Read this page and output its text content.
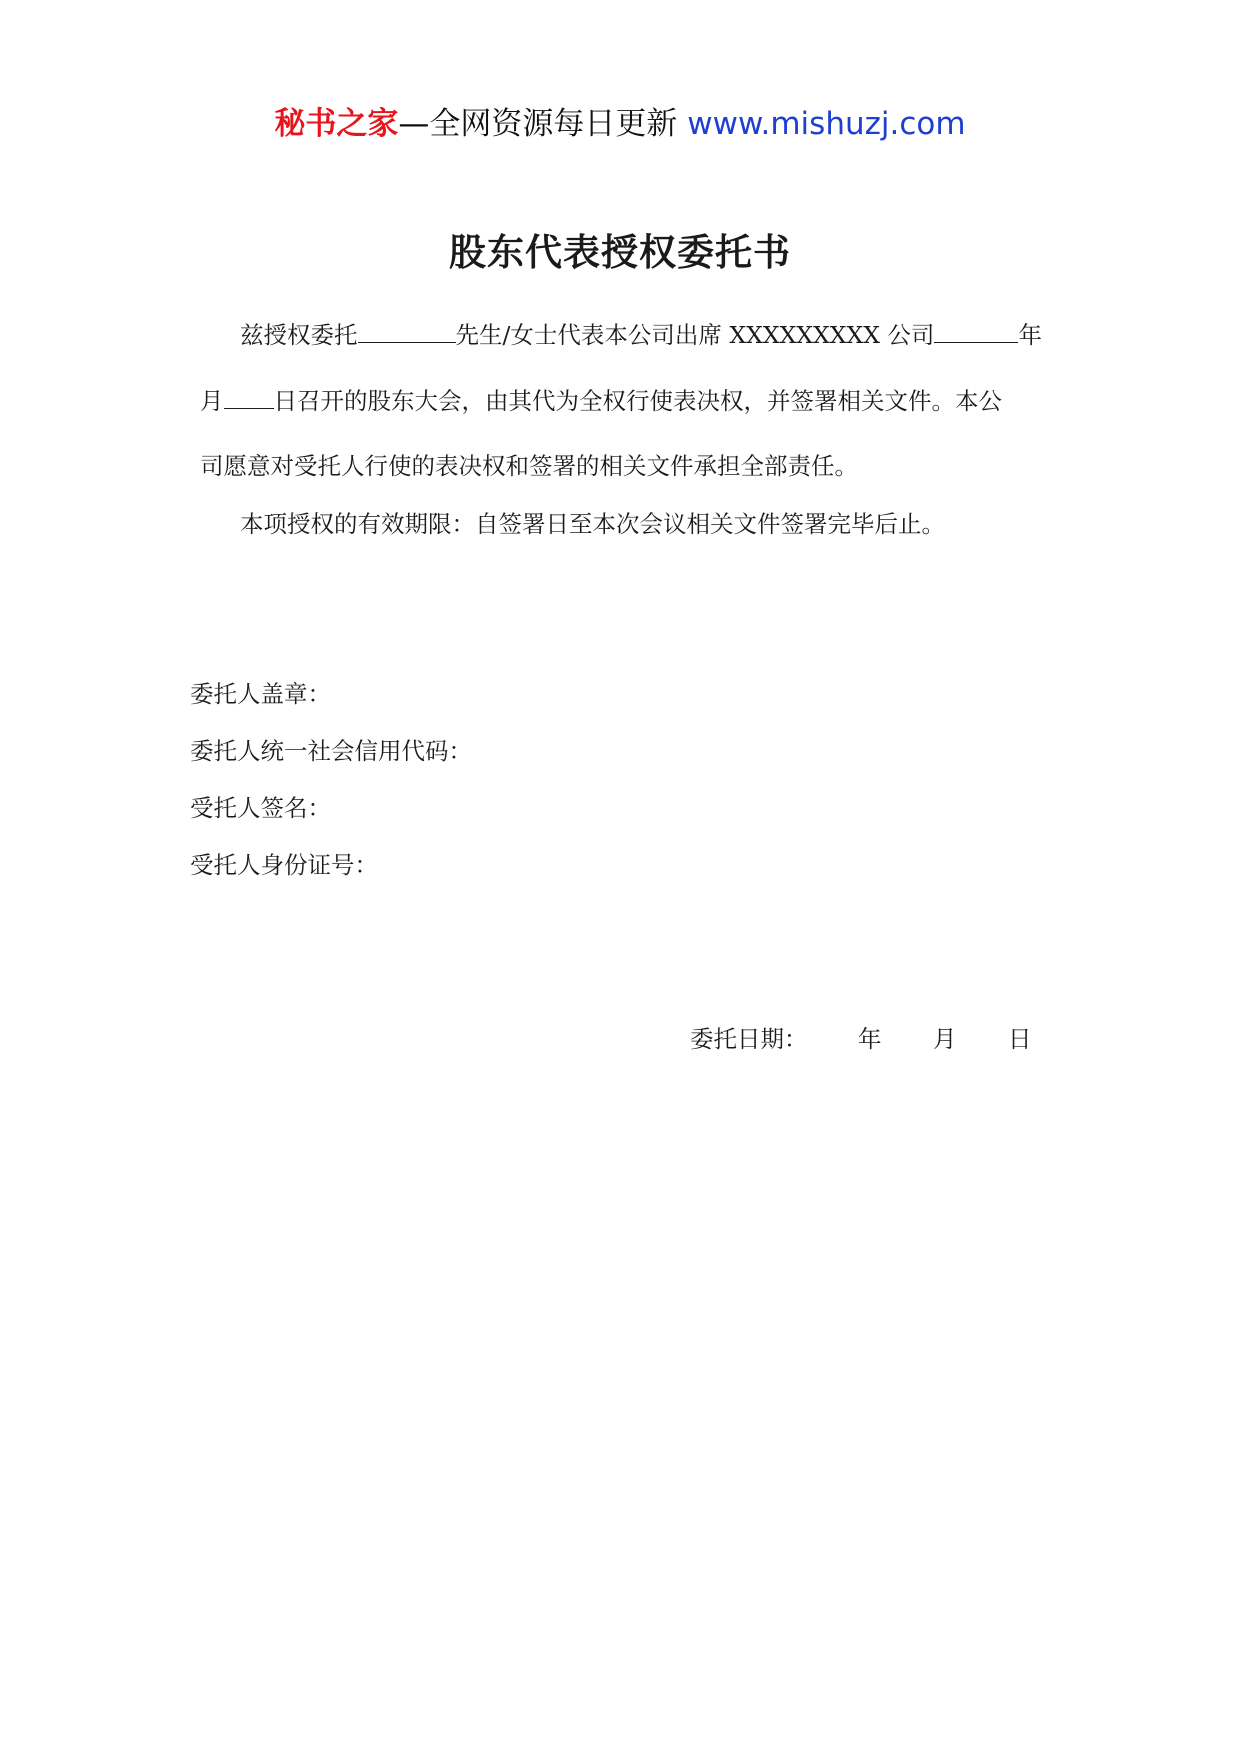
秘书之家—全网资源每日更新 www.mishuzj.com
股东代表授权委托书
兹授权委托	先生/女士代表本公司出席 XXXXXXXXX 公司	年
月 日召开的股东大会，由其代为全权行使表决权，并签署相关文件。本公
司愿意对受托人行使的表决权和签署的相关文件承担全部责任。
本项授权的有效期限：自签署日至本次会议相关文件签署完毕后止。
委托人盖章：
委托人统一社会信用代码：
受托人签名：
受托人身份证号：
委托日期： 年 月 日
